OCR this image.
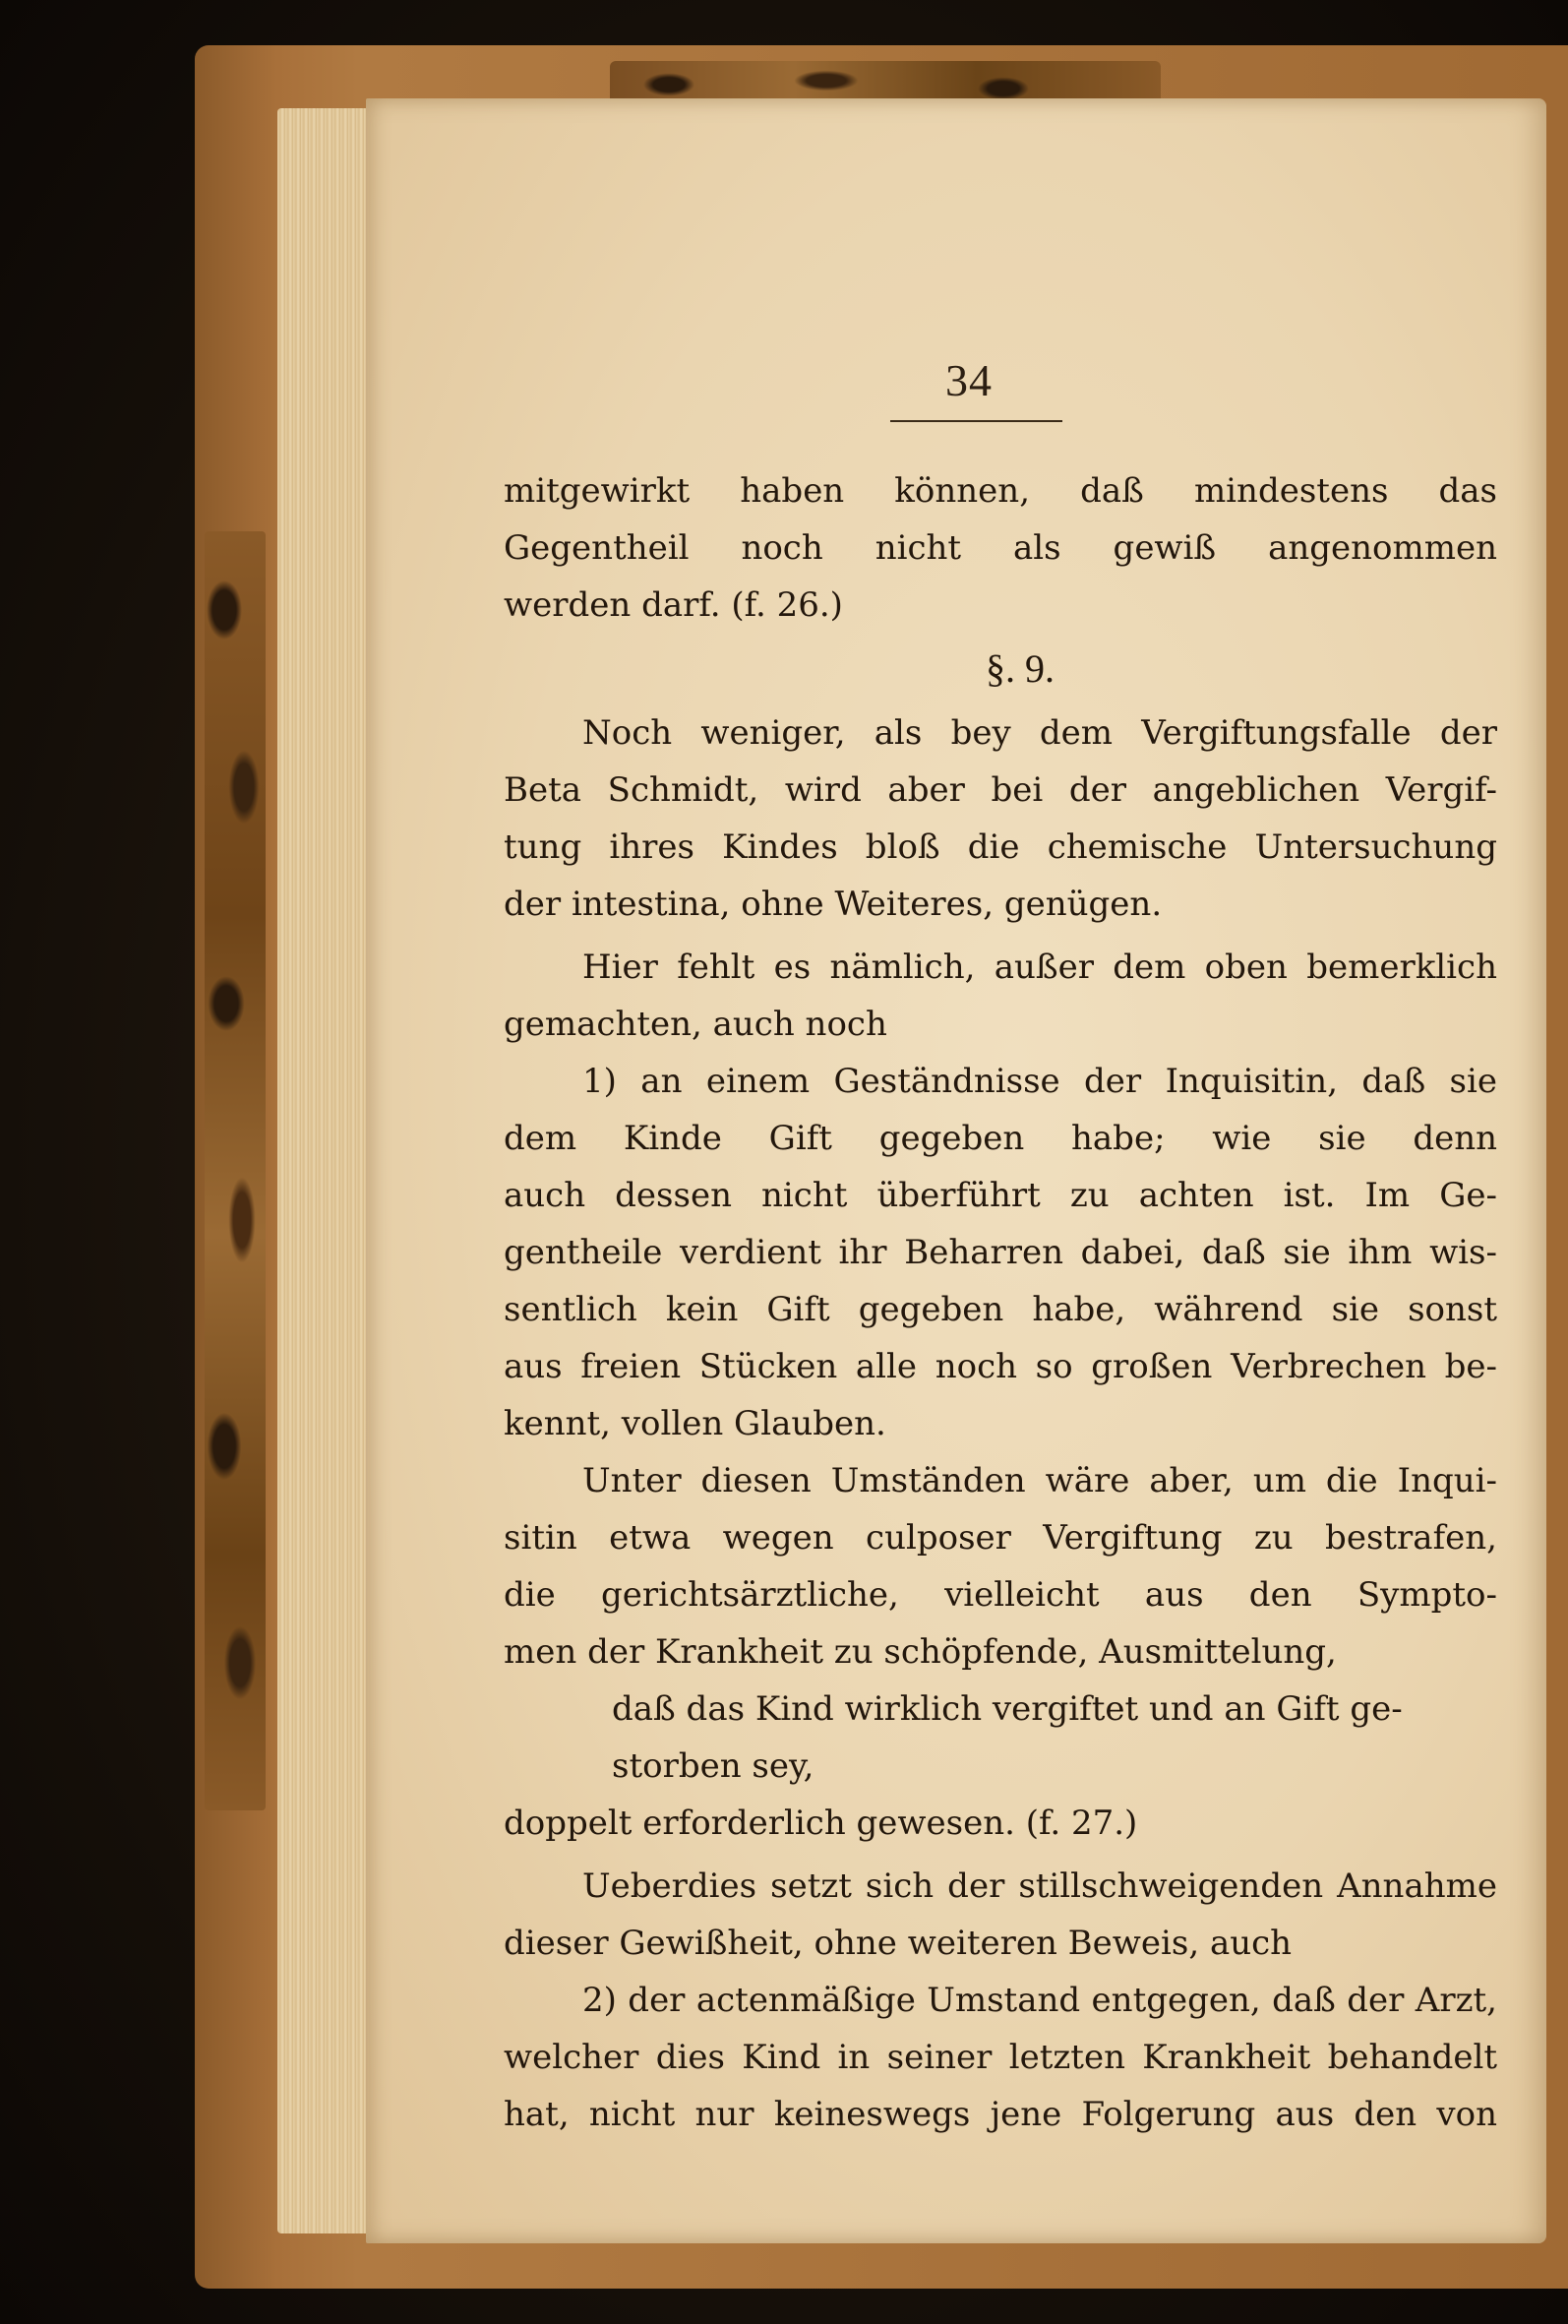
34
mitgewirkt haben können, daß mindestens das
Gegentheil noch nicht als gewiß angenommen
werden darf. (f. 26.)
§. 9.
Noch weniger, als bey dem Vergiftungsfalle der
Beta Schmidt, wird aber bei der angeblichen Vergif-
tung ihres Kindes bloß die chemische Untersuchung
der intestina, ohne Weiteres, genügen.
Hier fehlt es nämlich, außer dem oben bemerklich
gemachten, auch noch
1) an einem Geständnisse der Inquisitin, daß sie
dem Kinde Gift gegeben habe; wie sie denn
auch dessen nicht überführt zu achten ist. Im Ge-
gentheile verdient ihr Beharren dabei, daß sie ihm wis-
sentlich kein Gift gegeben habe, während sie sonst
aus freien Stücken alle noch so großen Verbrechen be-
kennt, vollen Glauben.
Unter diesen Umständen wäre aber, um die Inqui-
sitin etwa wegen culposer Vergiftung zu bestrafen,
die gerichtsärztliche, vielleicht aus den Sympto-
men der Krankheit zu schöpfende, Ausmittelung,
daß das Kind wirklich vergiftet und an Gift ge-
storben sey,
doppelt erforderlich gewesen. (f. 27.)
Ueberdies setzt sich der stillschweigenden Annahme
dieser Gewißheit, ohne weiteren Beweis, auch
2) der actenmäßige Umstand entgegen, daß der Arzt,
welcher dies Kind in seiner letzten Krankheit behandelt
hat, nicht nur keineswegs jene Folgerung aus den von
